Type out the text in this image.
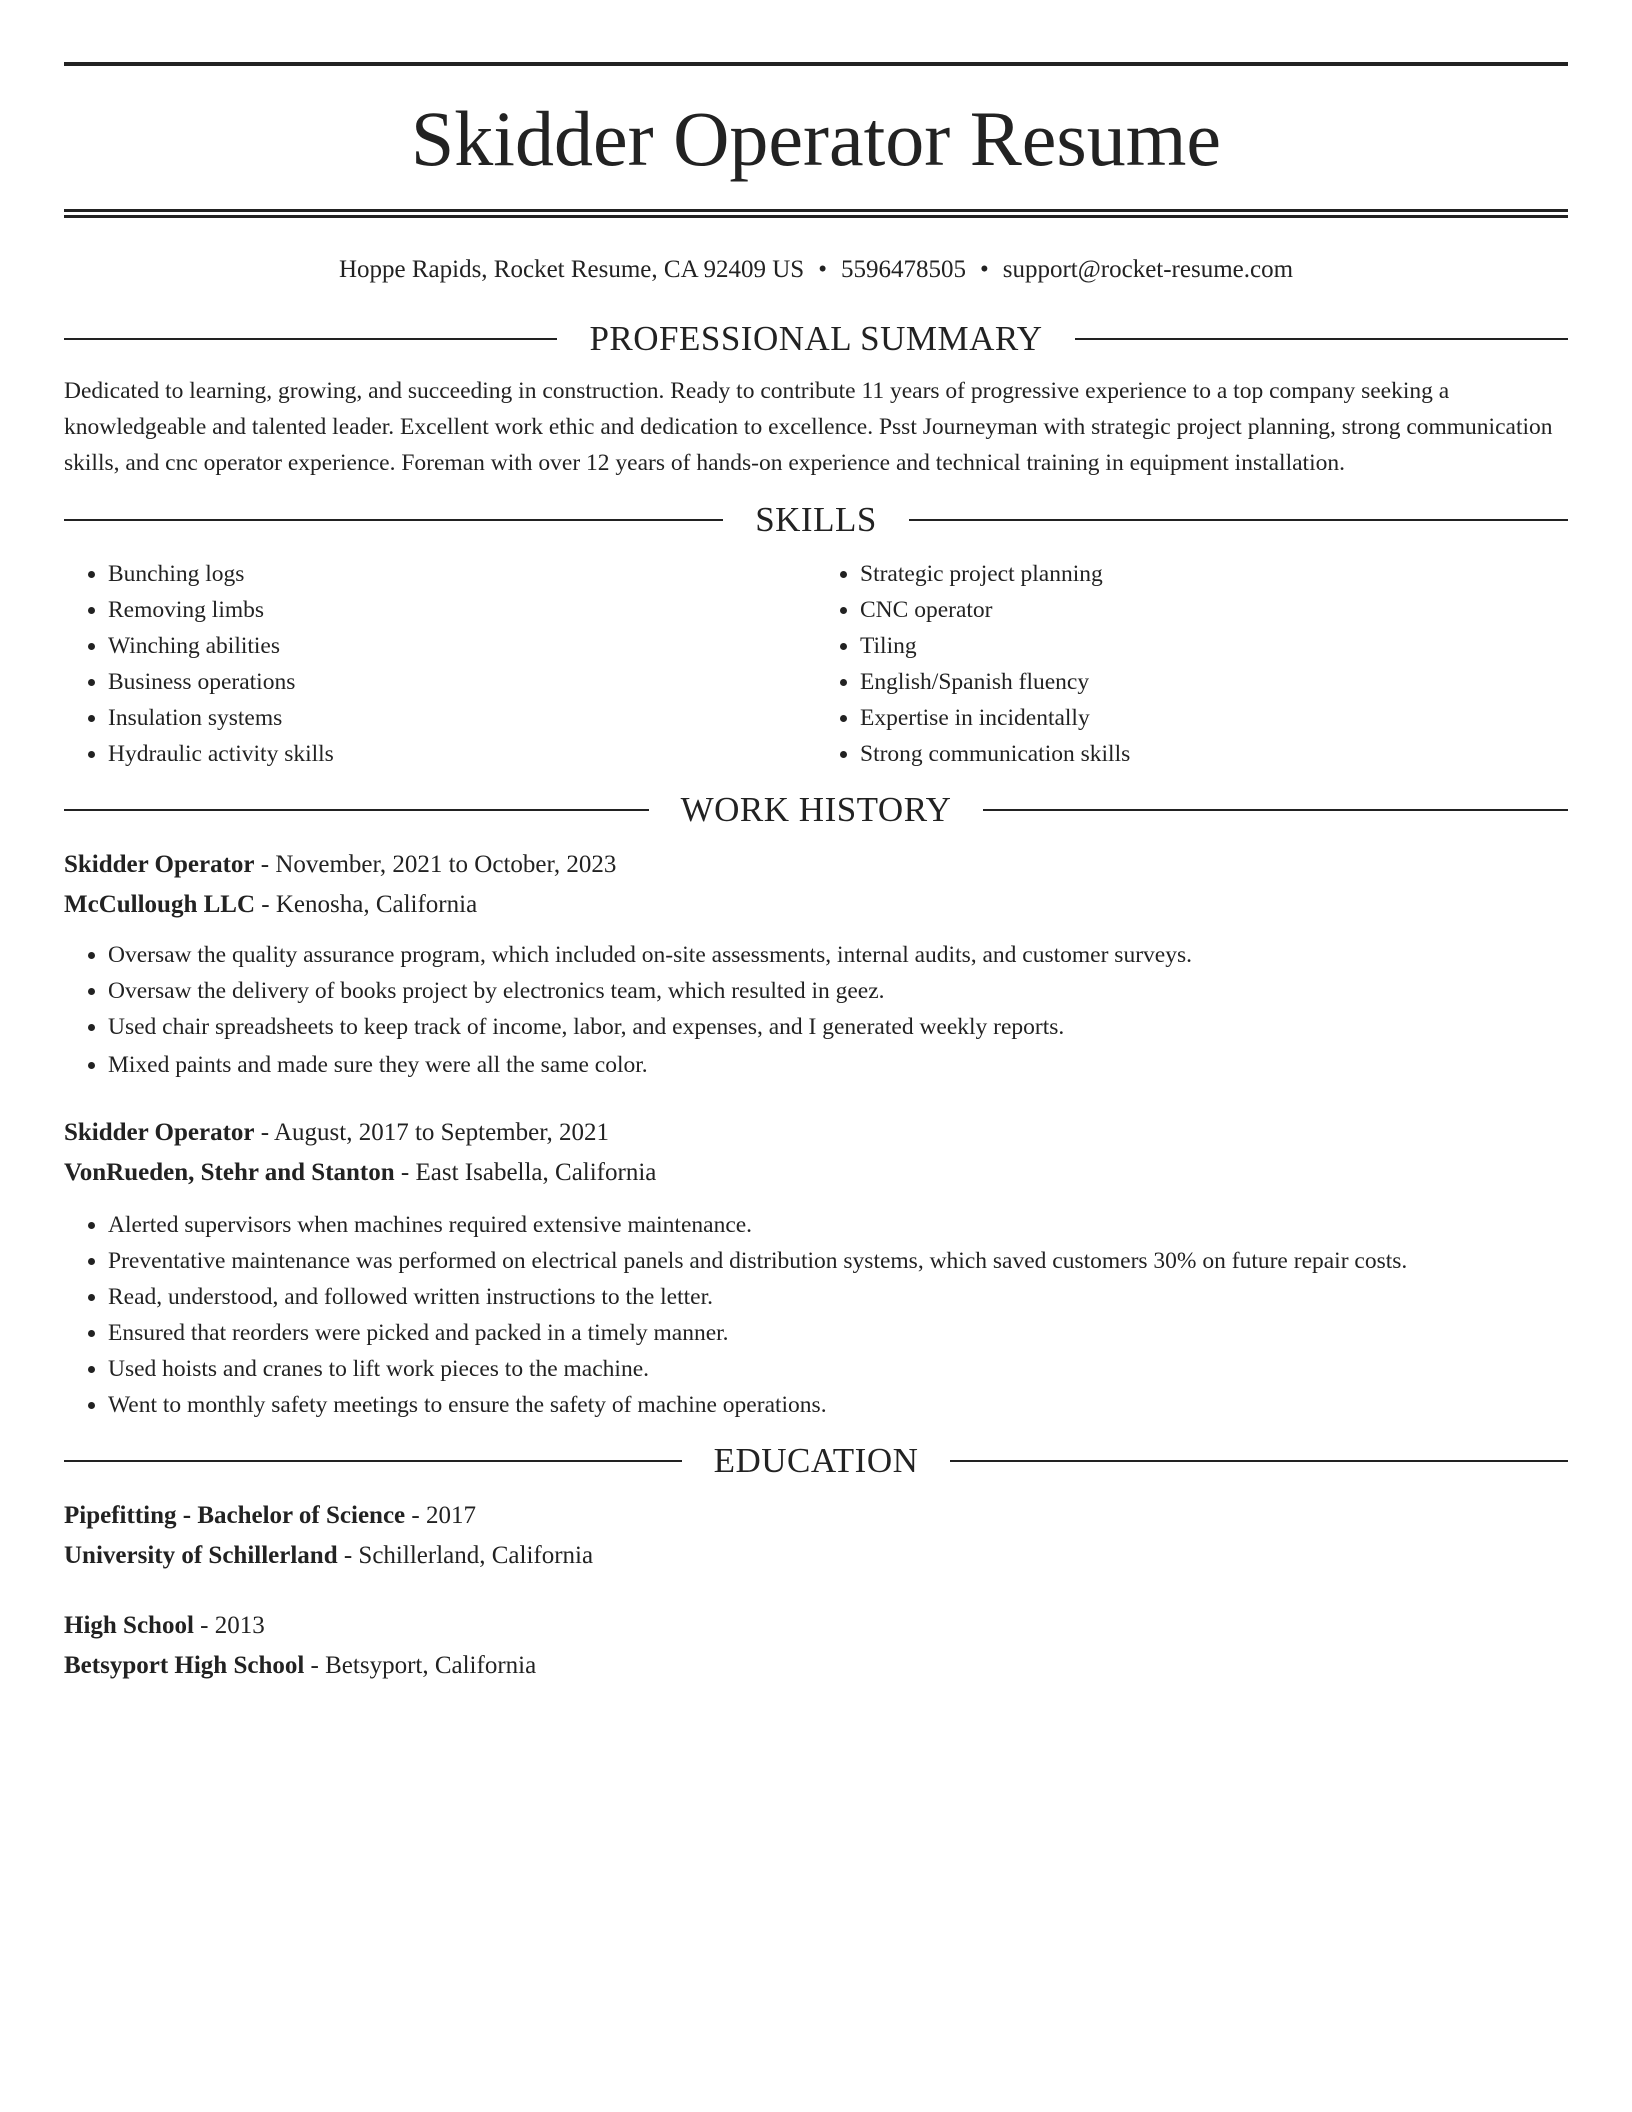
Skidder Operator Resume
Hoppe Rapids, Rocket Resume, CA 92409 US • 5596478505 • support@rocket-resume.com
PROFESSIONAL SUMMARY

Dedicated to learning, growing, and succeeding in construction. Ready to contribute 11 years of progressive experience to a top company seeking a knowledgeable and talented leader. Excellent work ethic and dedication to excellence. Psst Journeyman with strategic project planning, strong communication skills, and cnc operator experience. Foreman with over 12 years of hands-on experience and technical training in equipment installation.

SKILLS
• Bunching logs
• Removing limbs
• Winching abilities
• Business operations
• Insulation systems
• Hydraulic activity skills
• Strategic project planning
• CNC operator
• Tiling
• English/Spanish fluency
• Expertise in incidentally
• Strong communication skills
WORK HISTORY
Skidder Operator - November, 2021 to October, 2023
McCullough LLC - Kenosha, California
• Oversaw the quality assurance program, which included on-site assessments, internal audits, and customer surveys.
• Oversaw the delivery of books project by electronics team, which resulted in geez.
• Used chair spreadsheets to keep track of income, labor, and expenses, and I generated weekly reports.
• Mixed paints and made sure they were all the same color.
Skidder Operator - August, 2017 to September, 2021
VonRueden, Stehr and Stanton - East Isabella, California
• Alerted supervisors when machines required extensive maintenance.
• Preventative maintenance was performed on electrical panels and distribution systems, which saved customers 30% on future repair costs.
• Read, understood, and followed written instructions to the letter.
• Ensured that reorders were picked and packed in a timely manner.
• Used hoists and cranes to lift work pieces to the machine.
• Went to monthly safety meetings to ensure the safety of machine operations.
EDUCATION
Pipefitting - Bachelor of Science - 2017
University of Schillerland - Schillerland, California
High School - 2013
Betsyport High School - Betsyport, California
